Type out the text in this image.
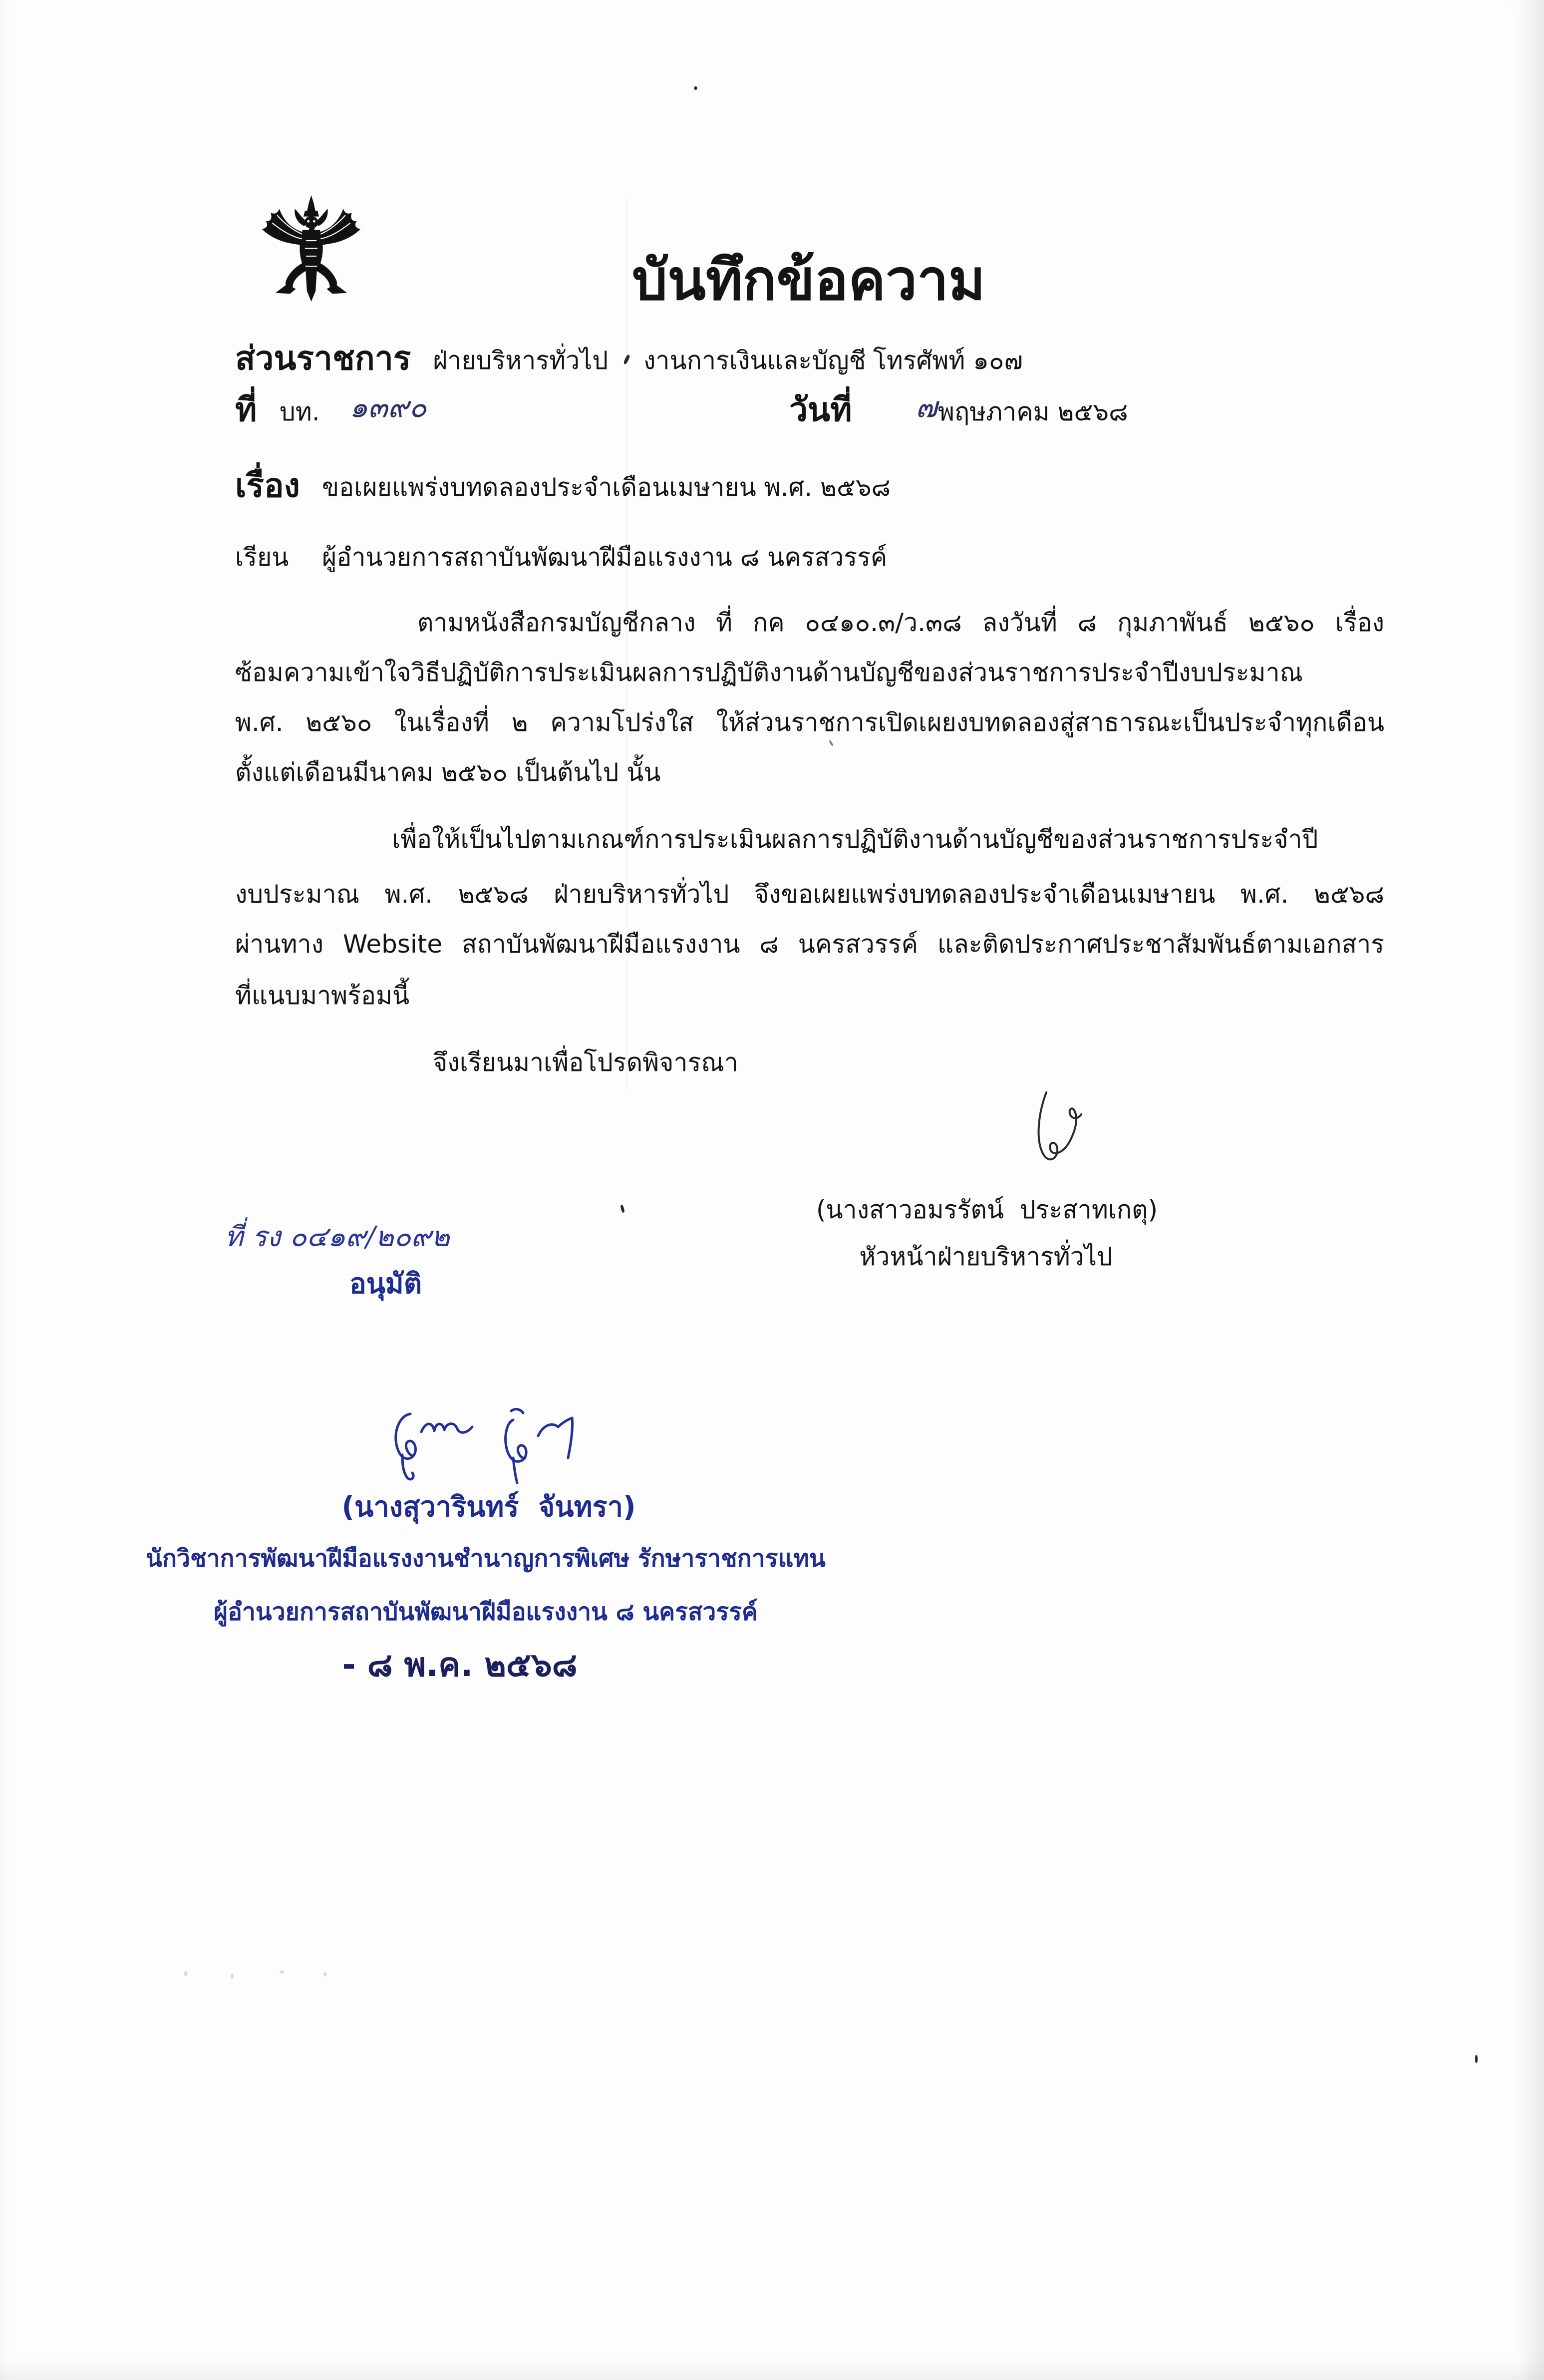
บันทึกข้อความ
ส่วนราชการ ฝ่ายบริหารทั่วไป งานการเงินและบัญชี โทรศัพท์ ๑๐๗
ที่ บท. ๑๓๙๐	วันที่ ๗ พฤษภาคม ๒๕๖๘
เรื่อง ขอเผยแพร่งบทดลองประจำเดือนเมษายน พ.ศ. ๒๕๖๘
เรียน ผู้อำนวยการสถาบันพัฒนาฝีมือแรงงาน ๘ นครสวรรค์
ตามหนังสือกรมบัญชีกลาง ที่ กค ๐๔๑๐.๓/ว.๓๘ ลงวันที่ ๘ กุมภาพันธ์ ๒๕๖๐ เรื่อง
ซ้อมความเข้าใจวิธีปฏิบัติการประเมินผลการปฏิบัติงานด้านบัญชีของส่วนราชการประจำปีงบประมาณ
พ.ศ. ๒๕๖๐ ในเรื่องที่ ๒ ความโปร่งใส ให้ส่วนราชการเปิดเผยงบทดลองสู่สาธารณะเป็นประจำทุกเดือน
ตั้งแต่เดือนมีนาคม ๒๕๖๐ เป็นต้นไป นั้น
เพื่อให้เป็นไปตามเกณฑ์การประเมินผลการปฏิบัติงานด้านบัญชีของส่วนราชการประจำปี
งบประมาณ พ.ศ. ๒๕๖๘ ฝ่ายบริหารทั่วไป จึงขอเผยแพร่งบทดลองประจำเดือนเมษายน พ.ศ. ๒๕๖๘
ผ่านทาง Website สถาบันพัฒนาฝีมือแรงงาน ๘ นครสวรรค์ และติดประกาศประชาสัมพันธ์ตามเอกสาร
ที่แนบมาพร้อมนี้
จึงเรียนมาเพื่อโปรดพิจารณา
(นางสาวอมรรัตน์  ประสาทเกตุ)
หัวหน้าฝ่ายบริหารทั่วไป
ที่ รง ๐๔๑๙/๒๐๙๒
อนุมัติ
(นางสุวารินทร์  จันทรา)
นักวิชาการพัฒนาฝีมือแรงงานชำนาญการพิเศษ รักษาราชการแทน
ผู้อำนวยการสถาบันพัฒนาฝีมือแรงงาน ๘ นครสวรรค์
- ๘ พ.ค. ๒๕๖๘
